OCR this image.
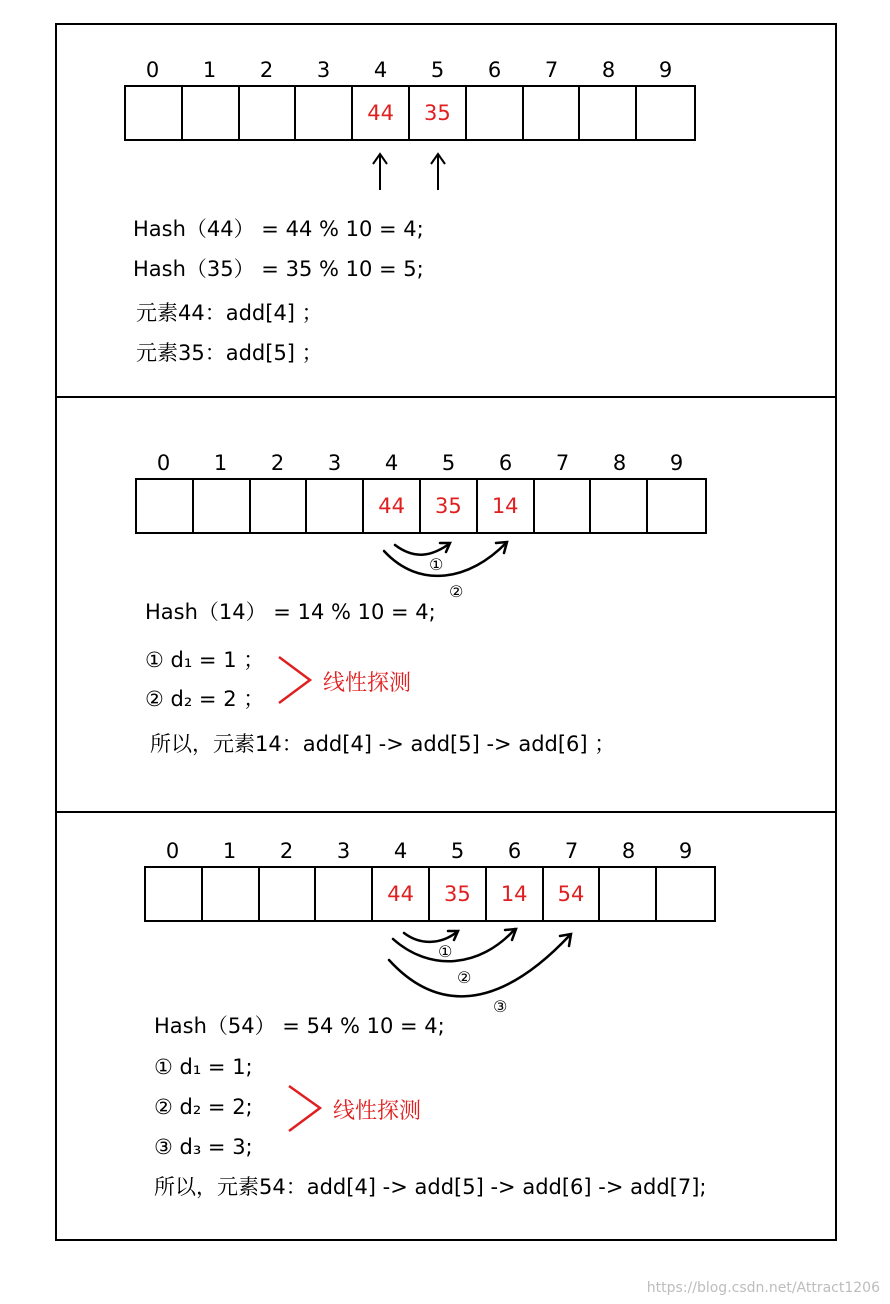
0	1	2	3	4	5	6	7	8	9
44	35
Hash（44） = 44 % 10 = 4;
Hash（35） = 35 % 10 = 5;
元素44：add[4] ；
元素35：add[5] ；
0	1	2	3	4	5	6	7	8	9
44	35	14
①
②
Hash（14） = 14 % 10 = 4;
① d₁ = 1 ；
② d₂ = 2 ；
线性探测
所以，元素14：add[4] -> add[5] -> add[6] ；
0	1	2	3	4	5	6	7	8	9
44	35	14	54
①
②
③
Hash（54） = 54 % 10 = 4;
① d₁ = 1;
② d₂ = 2;
③ d₃ = 3;
线性探测
所以，元素54：add[4] -> add[5] -> add[6] -> add[7];
https://blog.csdn.net/Attract1206
